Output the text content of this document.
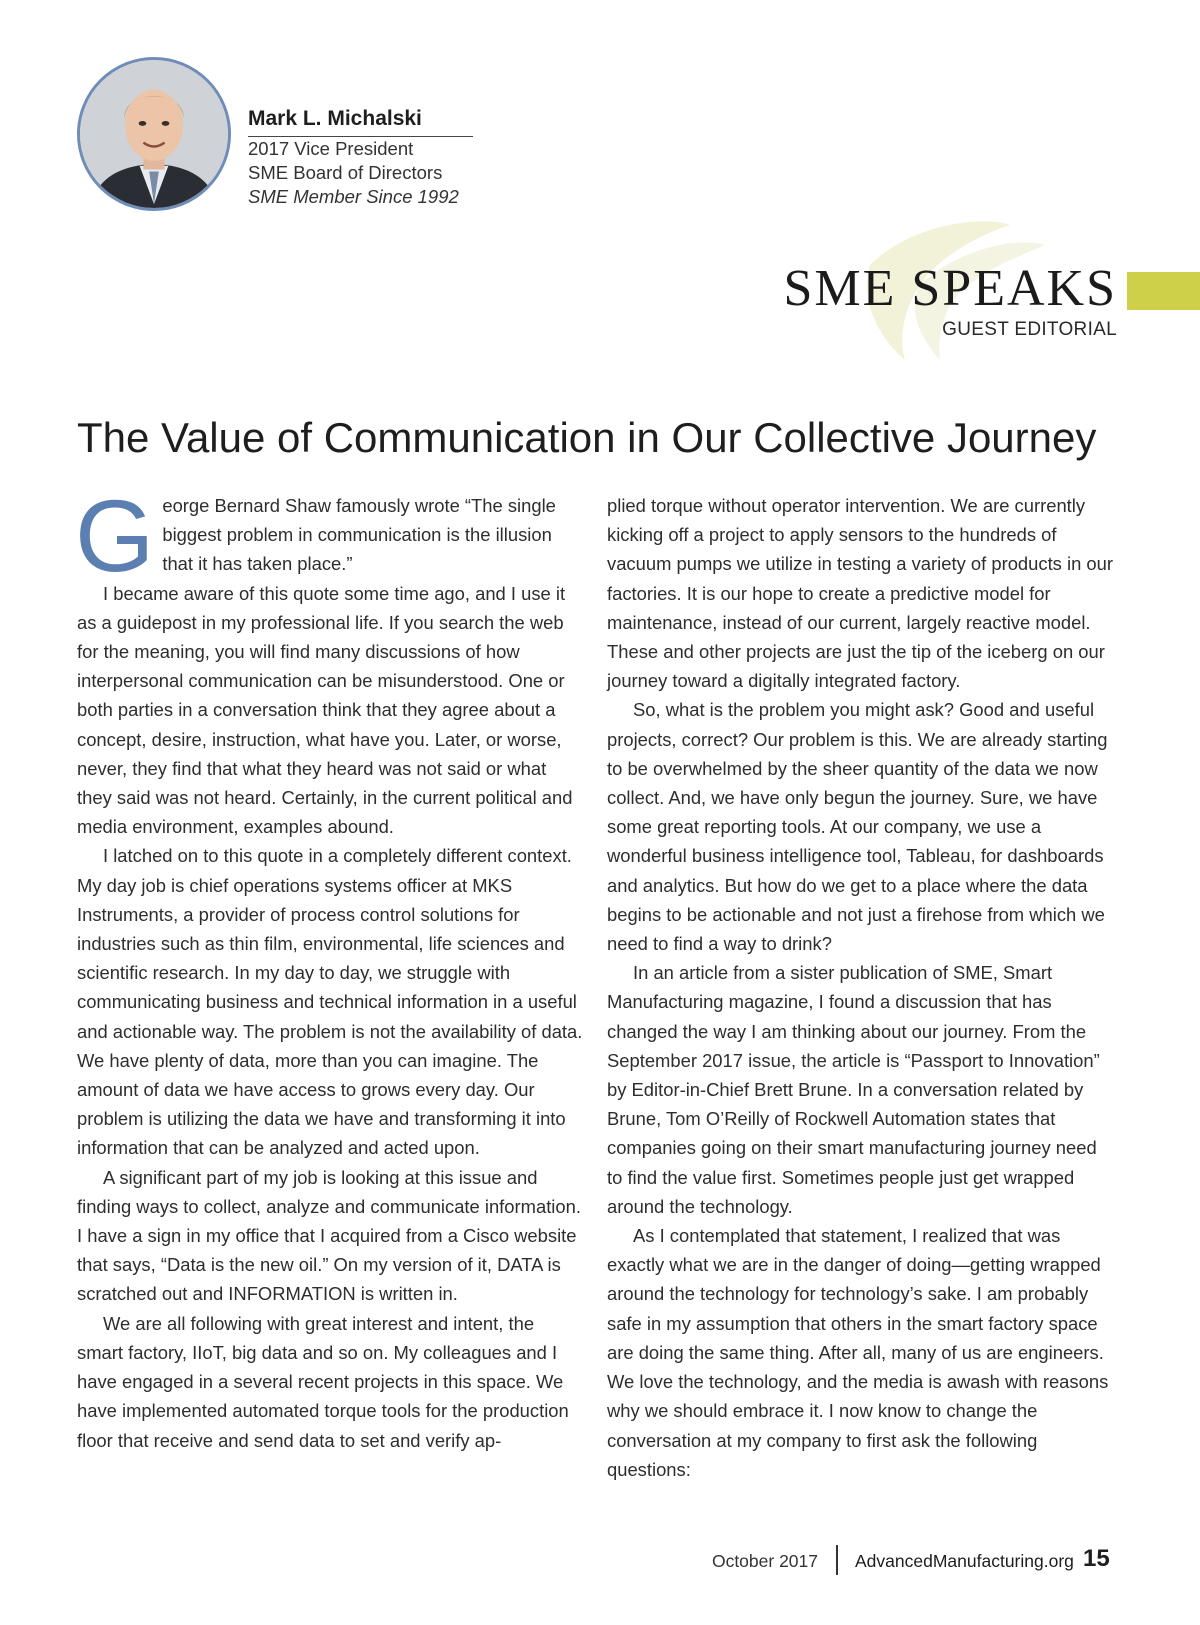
Mark L. Michalski
2017 Vice President
SME Board of Directors
SME Member Since 1992
SME SPEAKS
GUEST EDITORIAL
The Value of Communication in Our Collective Journey

George Bernard Shaw famously wrote “The single biggest problem in communication is the illusion that it has taken place.”

I became aware of this quote some time ago, and I use it as a guidepost in my professional life. If you search the web for the meaning, you will find many discussions of how interpersonal communication can be misunderstood. One or both parties in a conversation think that they agree about a concept, desire, instruction, what have you. Later, or worse, never, they find that what they heard was not said or what they said was not heard. Certainly, in the current political and media environment, examples abound.

I latched on to this quote in a completely different context. My day job is chief operations systems officer at MKS Instruments, a provider of process control solutions for industries such as thin film, environmental, life sciences and scientific research. In my day to day, we struggle with communicating business and technical information in a useful and actionable way. The problem is not the availability of data. We have plenty of data, more than you can imagine. The amount of data we have access to grows every day. Our problem is utilizing the data we have and transforming it into information that can be analyzed and acted upon.

A significant part of my job is looking at this issue and finding ways to collect, analyze and communicate information. I have a sign in my office that I acquired from a Cisco website that says, “Data is the new oil.” On my version of it, DATA is scratched out and INFORMATION is written in.

We are all following with great interest and intent, the smart factory, IIoT, big data and so on. My colleagues and I have engaged in a several recent projects in this space. We have implemented automated torque tools for the production floor that receive and send data to set and verify ap-

plied torque without operator intervention. We are currently kicking off a project to apply sensors to the hundreds of vacuum pumps we utilize in testing a variety of products in our factories. It is our hope to create a predictive model for maintenance, instead of our current, largely reactive model. These and other projects are just the tip of the iceberg on our journey toward a digitally integrated factory.

So, what is the problem you might ask? Good and useful projects, correct? Our problem is this. We are already starting to be overwhelmed by the sheer quantity of the data we now collect. And, we have only begun the journey. Sure, we have some great reporting tools. At our company, we use a wonderful business intelligence tool, Tableau, for dashboards and analytics. But how do we get to a place where the data begins to be actionable and not just a firehose from which we need to find a way to drink?

In an article from a sister publication of SME, Smart Manufacturing magazine, I found a discussion that has changed the way I am thinking about our journey. From the September 2017 issue, the article is “Passport to Innovation” by Editor-in-Chief Brett Brune. In a conversation related by Brune, Tom O’Reilly of Rockwell Automation states that companies going on their smart manufacturing journey need to find the value first. Sometimes people just get wrapped around the technology.

As I contemplated that statement, I realized that was exactly what we are in the danger of doing—getting wrapped around the technology for technology’s sake. I am probably safe in my assumption that others in the smart factory space are doing the same thing. After all, many of us are engineers. We love the technology, and the media is awash with reasons why we should embrace it. I now know to change the conversation at my company to first ask the following questions:

October 2017 AdvancedManufacturing.org 15
